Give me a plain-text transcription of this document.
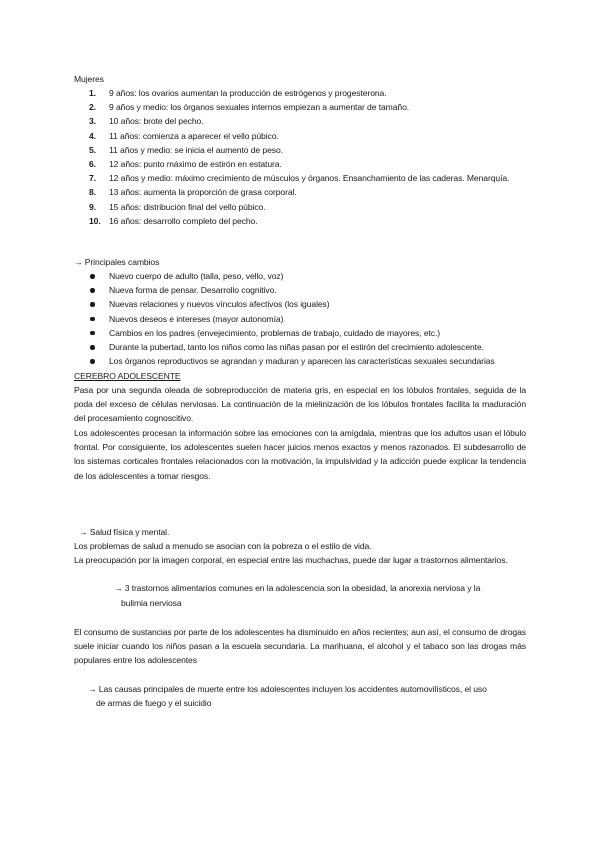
Mujeres
1. 9 años: los ovarios aumentan la producción de estrógenos y progesterona.
2. 9 años y medio: los órganos sexuales internos empiezan a aumentar de tamaño.
3. 10 años: brote del pecho.
4. 11 años: comienza a aparecer el vello púbico.
5. 11 años y medio: se inicia el aumento de peso.
6. 12 años: punto máximo de estirón en estatura.
7. 12 años y medio: máximo crecimiento de músculos y órganos. Ensanchamiento de las caderas. Menarquía.
8. 13 años: aumenta la proporción de grasa corporal.
9. 15 años: distribución final del vello púbico.
10. 16 años: desarrollo completo del pecho.
→ Principales cambios
Nuevo cuerpo de adulto (talla, peso, vello, voz)
Nueva forma de pensar. Desarrollo cognitivo.
Nuevas relaciones y nuevos vínculos afectivos (los iguales)
Nuevos deseos e intereses (mayor autonomía)
Cambios en los padres (envejecimiento, problemas de trabajo, cuidado de mayores, etc.)
Durante la pubertad, tanto los niños como las niñas pasan por el estirón del crecimiento adolescente.
Los órganos reproductivos se agrandan y maduran y aparecen las características sexuales secundarias
CEREBRO ADOLESCENTE
Pasa por una segunda oleada de sobreproducción de materia gris, en especial en los lóbulos frontales, seguida de la poda del exceso de células nerviosas. La continuación de la mielinización de los lóbulos frontales facilita la maduración del procesamiento cognoscitivo.
Los adolescentes procesan la información sobre las emociones con la amígdala, mientras que los adultos usan el lóbulo frontal. Por consiguiente, los adolescentes suelen hacer juicios menos exactos y menos razonados. El subdesarrollo de los sistemas corticales frontales relacionados con la motivación, la impulsividad y la adicción puede explicar la tendencia de los adolescentes a tomar riesgos.
→ Salud física y mental.
Los problemas de salud a menudo se asocian con la pobreza o el estilo de vida.
La preocupación por la imagen corporal, en especial entre las muchachas, puede dar lugar a trastornos alimentarios.
→ 3 trastornos alimentarios comunes en la adolescencia son la obesidad, la anorexia nerviosa y la
bulimia nerviosa
El consumo de sustancias por parte de los adolescentes ha disminuido en años recientes; aun así, el consumo de drogas suele iniciar cuando los niños pasan a la escuela secundaria. La marihuana, el alcohol y el tabaco son las drogas más populares entre los adolescentes
→ Las causas principales de muerte entre los adolescentes incluyen los accidentes automovilísticos, el uso
de armas de fuego y el suicidio
